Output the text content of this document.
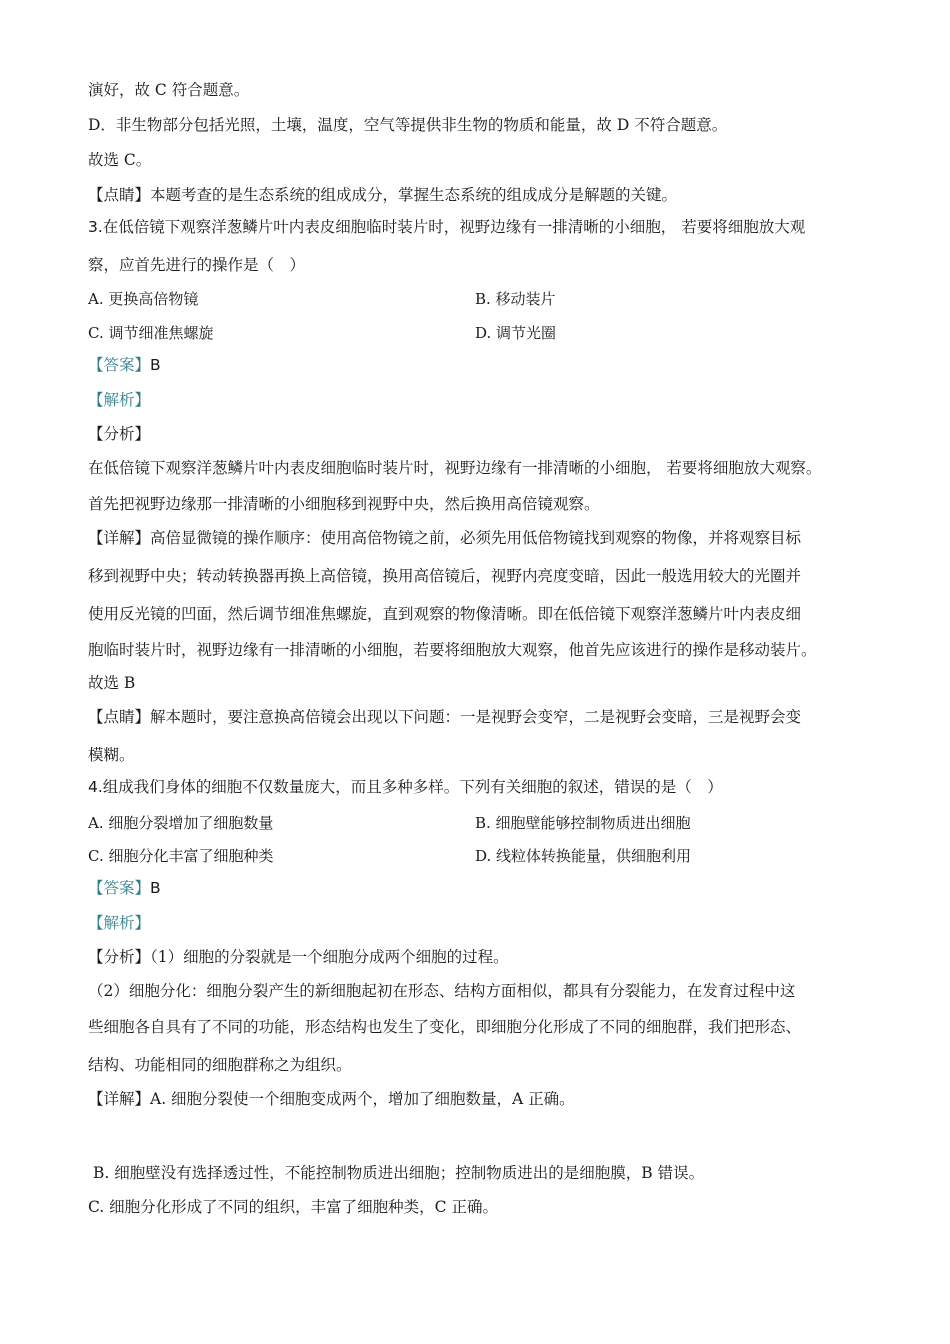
演好，故 C 符合题意。
D．非生物部分包括光照，土壤，温度，空气等提供非生物的物质和能量，故 D 不符合题意。
故选 C。
【点睛】本题考查的是生态系统的组成成分，掌握生态系统的组成成分是解题的关键。
3.在低倍镜下观察洋葱鳞片叶内表皮细胞临时装片时，视野边缘有一排清晰的小细胞， 若要将细胞放大观
察，应首先进行的操作是（　）
A. 更换高倍物镜	B. 移动装片
C. 调节细准焦螺旋	D. 调节光圈
【答案】B
【解析】
【分析】
在低倍镜下观察洋葱鳞片叶内表皮细胞临时装片时，视野边缘有一排清晰的小细胞， 若要将细胞放大观察。
首先把视野边缘那一排清晰的小细胞移到视野中央，然后换用高倍镜观察。
【详解】高倍显微镜的操作顺序：使用高倍物镜之前，必须先用低倍物镜找到观察的物像，并将观察目标
移到视野中央；转动转换器再换上高倍镜，换用高倍镜后，视野内亮度变暗，因此一般选用较大的光圈并
使用反光镜的凹面，然后调节细准焦螺旋，直到观察的物像清晰。即在低倍镜下观察洋葱鳞片叶内表皮细
胞临时装片时，视野边缘有一排清晰的小细胞，若要将细胞放大观察，他首先应该进行的操作是移动装片。
故选 B
【点睛】解本题时，要注意换高倍镜会出现以下问题：一是视野会变窄，二是视野会变暗，三是视野会变
模糊。
4.组成我们身体的细胞不仅数量庞大，而且多种多样。下列有关细胞的叙述，错误的是（　）
A. 细胞分裂增加了细胞数量	B. 细胞壁能够控制物质进出细胞
C. 细胞分化丰富了细胞种类	D. 线粒体转换能量，供细胞利用
【答案】B
【解析】
【分析】（1）细胞的分裂就是一个细胞分成两个细胞的过程。
（2）细胞分化：细胞分裂产生的新细胞起初在形态、结构方面相似，都具有分裂能力，在发育过程中这
些细胞各自具有了不同的功能，形态结构也发生了变化，即细胞分化形成了不同的细胞群，我们把形态、
结构、功能相同的细胞群称之为组织。
【详解】A. 细胞分裂使一个细胞变成两个，增加了细胞数量，A 正确。
B. 细胞壁没有选择透过性，不能控制物质进出细胞；控制物质进出的是细胞膜，B 错误。
C. 细胞分化形成了不同的组织，丰富了细胞种类，C 正确。
